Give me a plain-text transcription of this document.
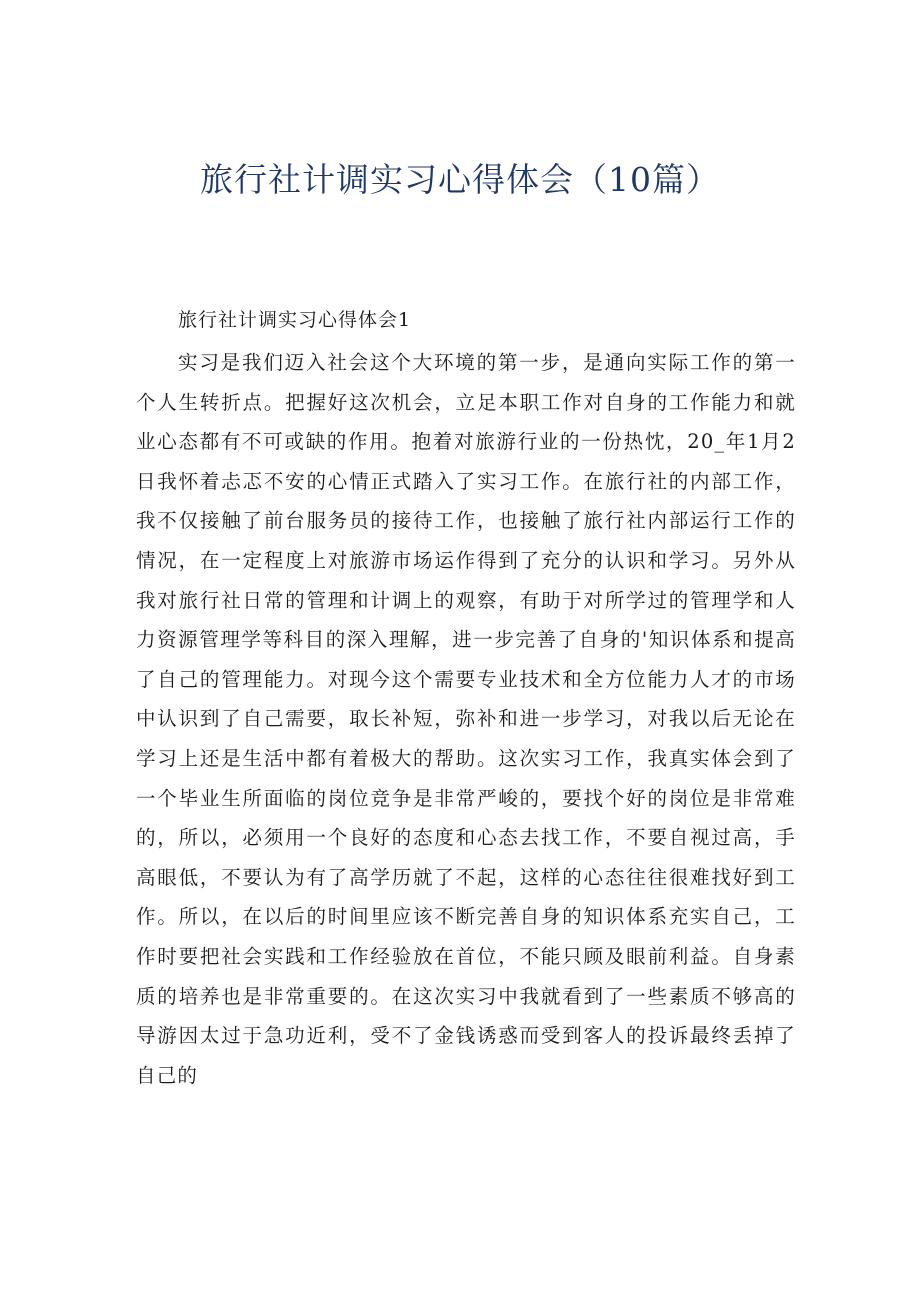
旅行社计调实习心得体会（10篇）
旅行社计调实习心得体会1

实习是我们迈入社会这个大环境的第一步，是通向实际工作的第一个人生转折点。把握好这次机会，立足本职工作对自身的工作能力和就业心态都有不可或缺的作用。抱着对旅游行业的一份热忱，20_年1月2日我怀着忐忑不安的心情正式踏入了实习工作。在旅行社的内部工作，我不仅接触了前台服务员的接待工作，也接触了旅行社内部运行工作的情况，在一定程度上对旅游市场运作得到了充分的认识和学习。另外从我对旅行社日常的管理和计调上的观察，有助于对所学过的管理学和人力资源管理学等科目的深入理解，进一步完善了自身的'知识体系和提高了自己的管理能力。对现今这个需要专业技术和全方位能力人才的市场中认识到了自己需要，取长补短，弥补和进一步学习，对我以后无论在学习上还是生活中都有着极大的帮助。这次实习工作，我真实体会到了一个毕业生所面临的岗位竞争是非常严峻的，要找个好的岗位是非常难的，所以，必须用一个良好的态度和心态去找工作，不要自视过高，手高眼低，不要认为有了高学历就了不起，这样的心态往往很难找好到工作。所以，在以后的时间里应该不断完善自身的知识体系充实自己，工作时要把社会实践和工作经验放在首位，不能只顾及眼前利益。自身素质的培养也是非常重要的。在这次实习中我就看到了一些素质不够高的导游因太过于急功近利，受不了金钱诱惑而受到客人的投诉最终丢掉了自己的
